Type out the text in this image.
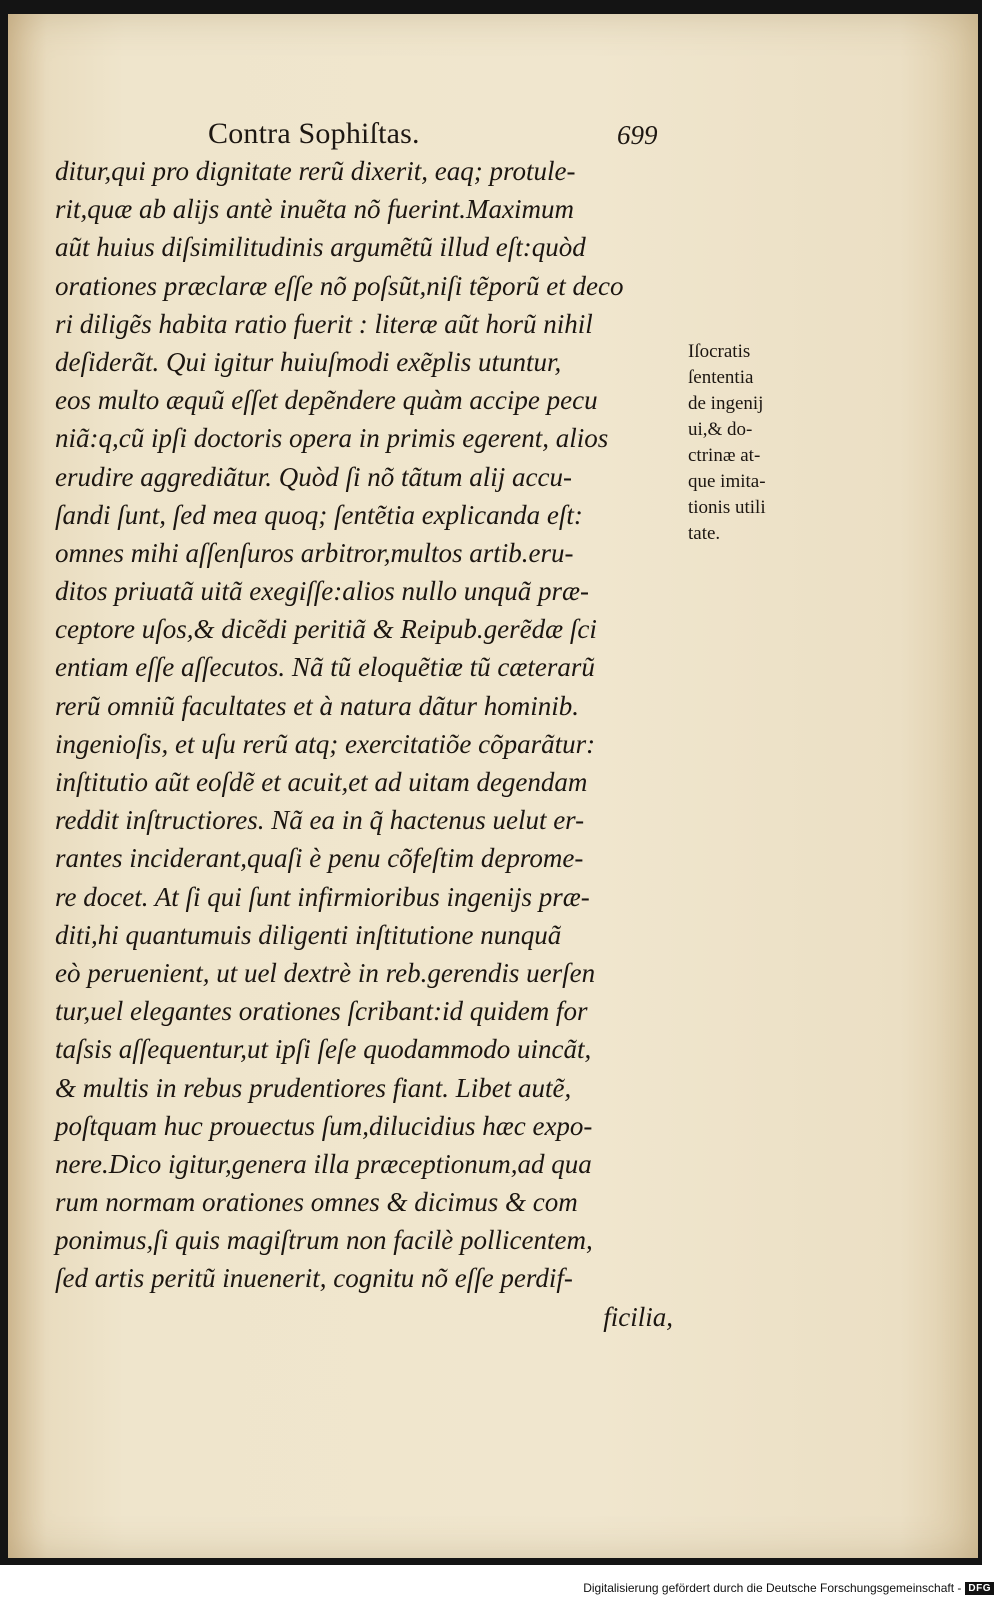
Contra Sophiſtas.	699
ditur,qui pro dignitate rerũ dixerit, eaq; protule-
rit,quæ ab alijs antè inuẽta nõ fuerint.Maximum
aũt huius diſsimilitudinis argumẽtũ illud eſt:quòd
orationes præclaræ eſſe nõ poſsũt,niſi tẽporũ et deco
ri diligẽs habita ratio fuerit : literæ aũt horũ nihil
deſiderãt. Qui igitur huiuſmodi exẽplis utuntur,
eos multo æquũ eſſet depẽndere quàm accipe pecu
niã:q,cũ ipſi doctoris opera in primis egerent, alios
erudire aggrediãtur. Quòd ſi nõ tãtum alij accu-
ſandi ſunt, ſed mea quoq; ſentẽtia explicanda eſt:
omnes mihi aſſenſuros arbitror,multos artib.eru-
ditos priuatã uitã exegiſſe:alios nullo unquã præ-
ceptore uſos,& dicẽdi peritiã & Reipub.gerẽdæ ſci
entiam eſſe aſſecutos. Nã tũ eloquẽtiæ tũ cæterarũ
rerũ omniũ facultates et à natura dãtur hominib.
ingenioſis, et uſu rerũ atq; exercitatiõe cõparãtur:
inſtitutio aũt eoſdẽ et acuit,et ad uitam degendam
reddit inſtructiores. Nã ea in q̃ hactenus uelut er-
rantes inciderant,quaſi è penu cõfeſtim deprome-
re docet. At ſi qui ſunt infirmioribus ingenijs præ-
diti,hi quantumuis diligenti inſtitutione nunquã
eò peruenient, ut uel dextrè in reb.gerendis uerſen
tur,uel elegantes orationes ſcribant:id quidem for
taſsis aſſequentur,ut ipſi ſeſe quodammodo uincãt,
& multis in rebus prudentiores fiant. Libet autẽ,
poſtquam huc prouectus ſum,dilucidius hæc expo-
nere.Dico igitur,genera illa præceptionum,ad qua
rum normam orationes omnes & dicimus & com
ponimus,ſi quis magiſtrum non facilè pollicentem,
ſed artis peritũ inuenerit, cognitu nõ eſſe perdif-
ficilia,
Iſocratis
ſententia
de ingenij
ui,& do-
ctrinæ at-
que imita-
tionis utili
tate.
Digitalisierung gefördert durch die Deutsche Forschungsgemeinschaft - DFG
